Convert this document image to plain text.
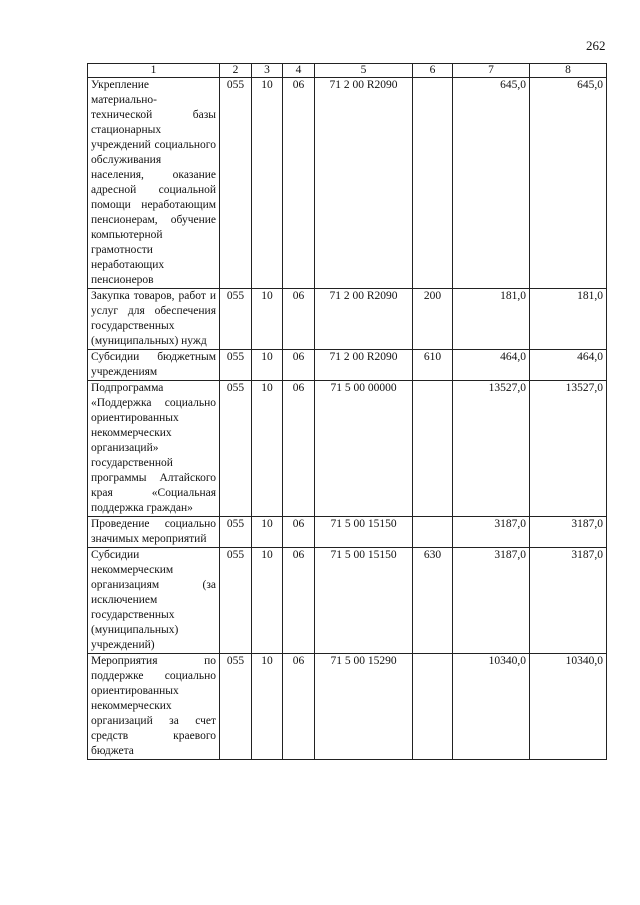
262
1	2	3	4	5	6	7	8
Укрепление материально-технической базы стационарных учреждений социального обслуживания населения, оказание адресной социальной помощи неработающим пенсионерам, обучение компьютерной грамотности неработающих пенсионеров	055	10	06	71 2 00 R2090		645,0	645,0
Закупка товаров, работ и услуг для обеспечения государственных (муниципальных) нужд	055	10	06	71 2 00 R2090	200	181,0	181,0
Субсидии бюджетным учреждениям	055	10	06	71 2 00 R2090	610	464,0	464,0
Подпрограмма «Поддержка социально ориентированных некоммерческих организаций» государственной программы Алтайского края «Социальная поддержка граждан»	055	10	06	71 5 00 00000		13527,0	13527,0
Проведение социально значимых мероприятий	055	10	06	71 5 00 15150		3187,0	3187,0
Субсидии некоммерческим организациям (за исключением государственных (муниципальных) учреждений)	055	10	06	71 5 00 15150	630	3187,0	3187,0
Мероприятия по поддержке социально ориентированных некоммерческих организаций за счет средств краевого бюджета	055	10	06	71 5 00 15290		10340,0	10340,0
